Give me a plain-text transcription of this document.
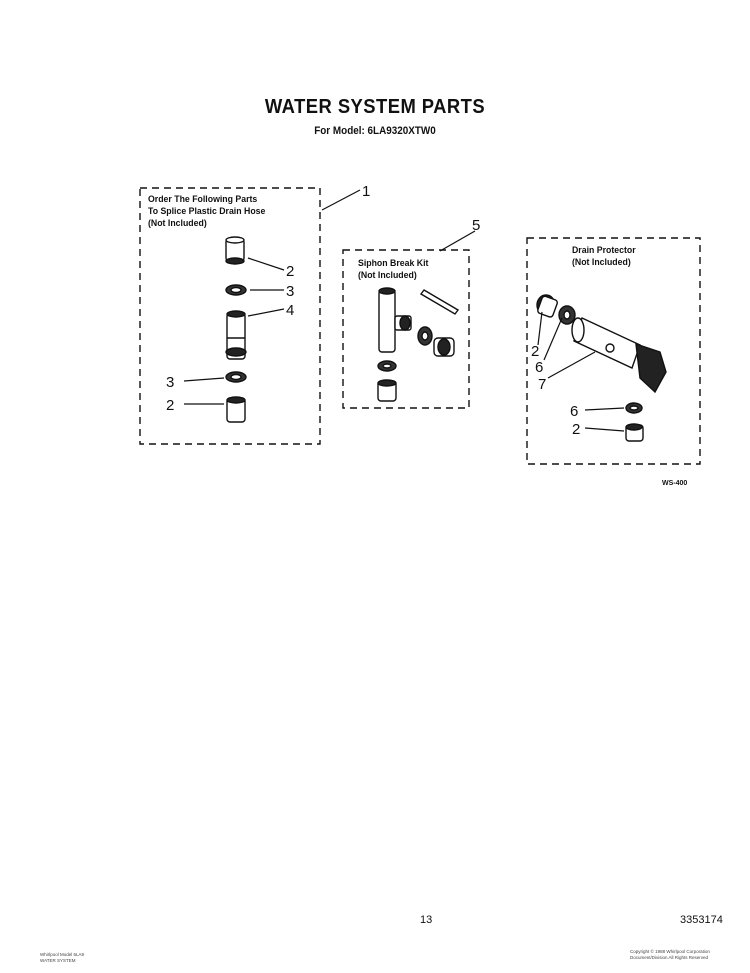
WATER SYSTEM PARTS
For Model: 6LA9320XTW0
1
2
3
4
3
2
5
2
6
7
6
2
Order The Following Parts
To Splice Plastic Drain Hose
(Not Included)
Siphon Break Kit
(Not Included)
Drain Protector
(Not Included)
WS-400
13	3353174
Whirlpool Model 6LA9
WATER SYSTEM
Copyright © 1988 Whirlpool Corporation
Document/Division All Rights Reserved
